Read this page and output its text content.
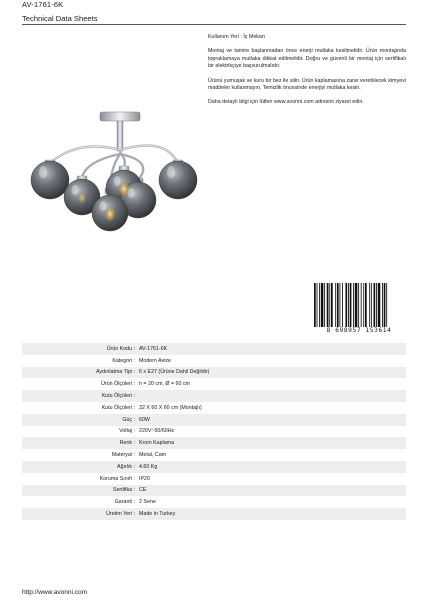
AV-1761-6K
Technical Data Sheets

Kullanım Yeri : İç Mekan

Montaj ve tamire başlanmadan önce enerji mutlaka kesilmelidir. Ürün montajında topraklamaya mutlaka dikkat edilmelidir. Doğru ve güvenli bir montaj için sertifikalı bir elektrikçiye başvurulmalıdır.

Ürünü yumuşak ve kuru bir bez ile silin. Ürün kaplamasına zarar verebilecek kimyevi maddeler kullanmayın. Temizlik öncesinde enerjiyi mutlaka kesin.

Daha detaylı bilgi için lütfen www.avonni.com adresini ziyaret edin.

8 698957 153614
Ürün Kodu :	AV-1761-6K
Kategori :	Modern Avize
Aydınlatma Tipi :	6 x E27 (Ürüne Dahil Değildir)
Ürün Ölçüleri :	h = 20 cm, Ø = 60 cm
Kutu Ölçüleri :	
Kutu Ölçüleri :	32 X 60 X 60 cm (Montajlı)
Güç :	60W
Voltaj :	220V~50/60Hz
Renk :	Krom Kaplama
Materyal :	Metal, Cam
Ağırlık :	4.60 Kg
Koruma Sınıfı :	IP20
Sertifika :	CE
Garanti :	2 Sene
Üretim Yeri :	Made in Turkey

http://www.avonni.com
